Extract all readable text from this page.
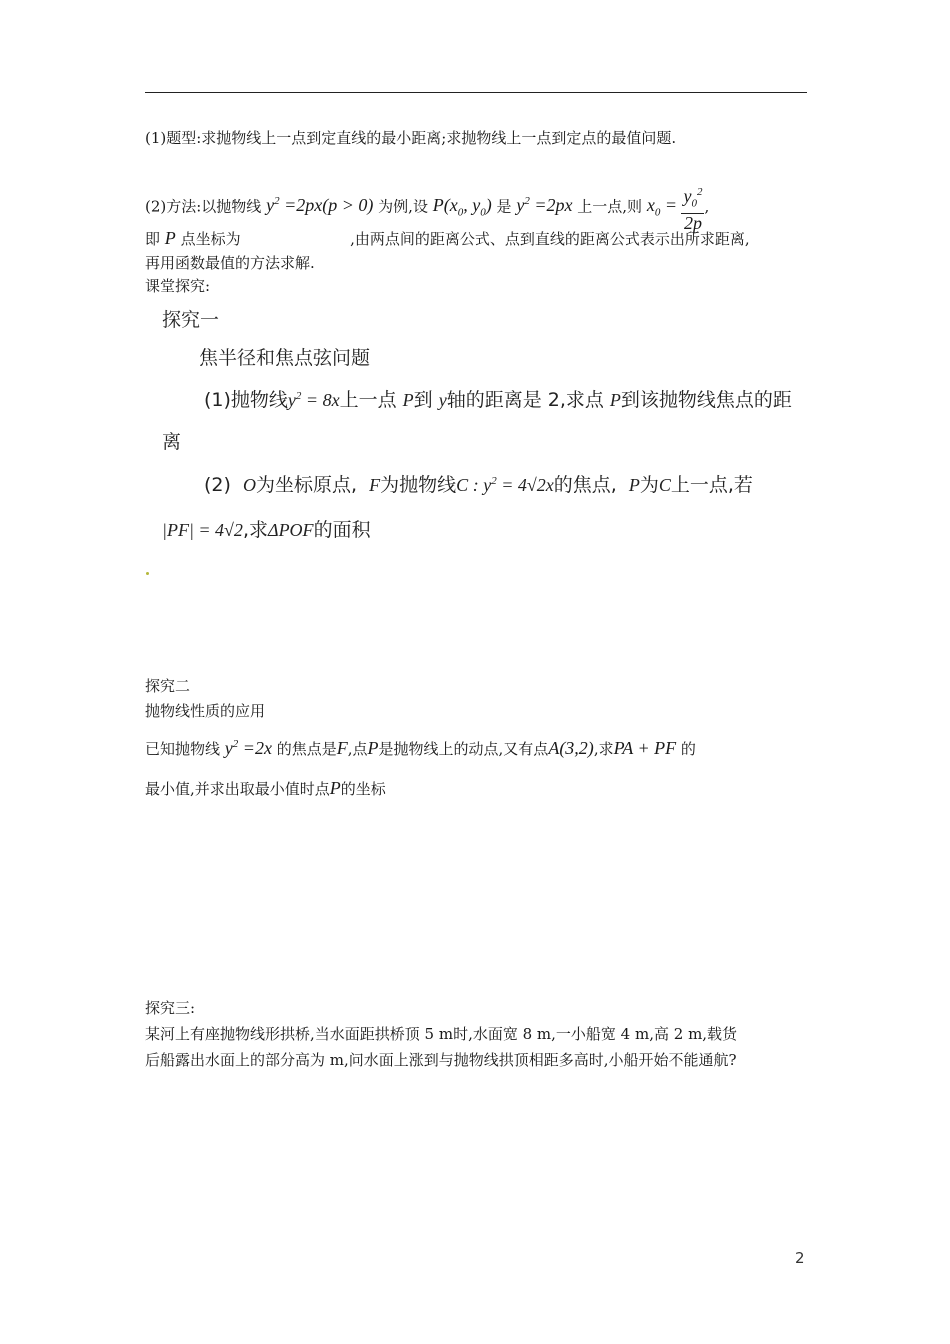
(1)题型:求抛物线上一点到定直线的最小距离;求抛物线上一点到定点的最值问题.
(2)方法:以抛物线 $y^2 =2px(p > 0)$ 为例,设 $P(x_0$, $y_0$) 是 $y^2 =2px$ 上一点,则 $x_0 = \frac{y_0^2}{2p}$ ,
即 P 点坐标为	,由两点间的距离公式、点到直线的距离公式表示出所求距离,
再用函数最值的方法求解.
课堂探究:
探究一
焦半径和焦点弦问题
(1)抛物线$y^2 = 8x$上一点 P到 y轴的距离是 2,求点 P到该抛物线焦点的距
离
(2) O为坐标原点, F为抛物线C : $y^2 = 4√2x$的焦点, P为C上一点,若
|PF| = 4√2,求ΔPOF的面积
探究二
抛物线性质的应用
已知抛物线 $y^2 =2x$ 的焦点是F,点P是抛物线上的动点,又有点A(3,2),求PA + PF 的
最小值,并求出取最小值时点P的坐标
探究三:
某河上有座抛物线形拱桥,当水面距拱桥顶 5 m时,水面宽 8 m,一小船宽 4 m,高 2 m,载货
后船露出水面上的部分高为 m,问水面上涨到与抛物线拱顶相距多高时,小船开始不能通航?
2
